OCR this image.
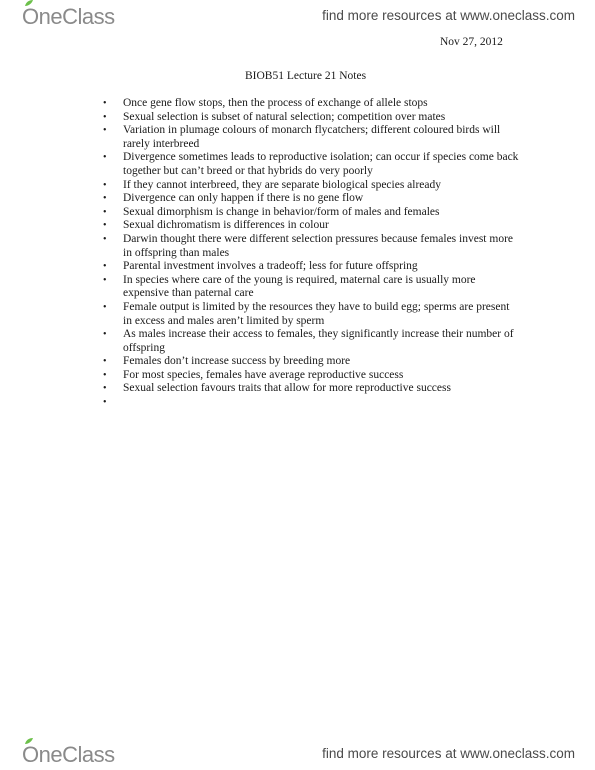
OneClass	find more resources at www.oneclass.com
Nov 27, 2012
BIOB51 Lecture 21 Notes
• Once gene flow stops, then the process of exchange of allele stops
• Sexual selection is subset of natural selection; competition over mates
• Variation in plumage colours of monarch flycatchers; different coloured birds will rarely interbreed
• Divergence sometimes leads to reproductive isolation; can occur if species come back together but can’t breed or that hybrids do very poorly
• If they cannot interbreed, they are separate biological species already
• Divergence can only happen if there is no gene flow
• Sexual dimorphism is change in behavior/form of males and females
• Sexual dichromatism is differences in colour
• Darwin thought there were different selection pressures because females invest more in offspring than males
• Parental investment involves a tradeoff; less for future offspring
• In species where care of the young is required, maternal care is usually more expensive than paternal care
• Female output is limited by the resources they have to build egg; sperms are present in excess and males aren’t limited by sperm
• As males increase their access to females, they significantly increase their number of offspring
• Females don’t increase success by breeding more
• For most species, females have average reproductive success
• Sexual selection favours traits that allow for more reproductive success
•
OneClass	find more resources at www.oneclass.com
